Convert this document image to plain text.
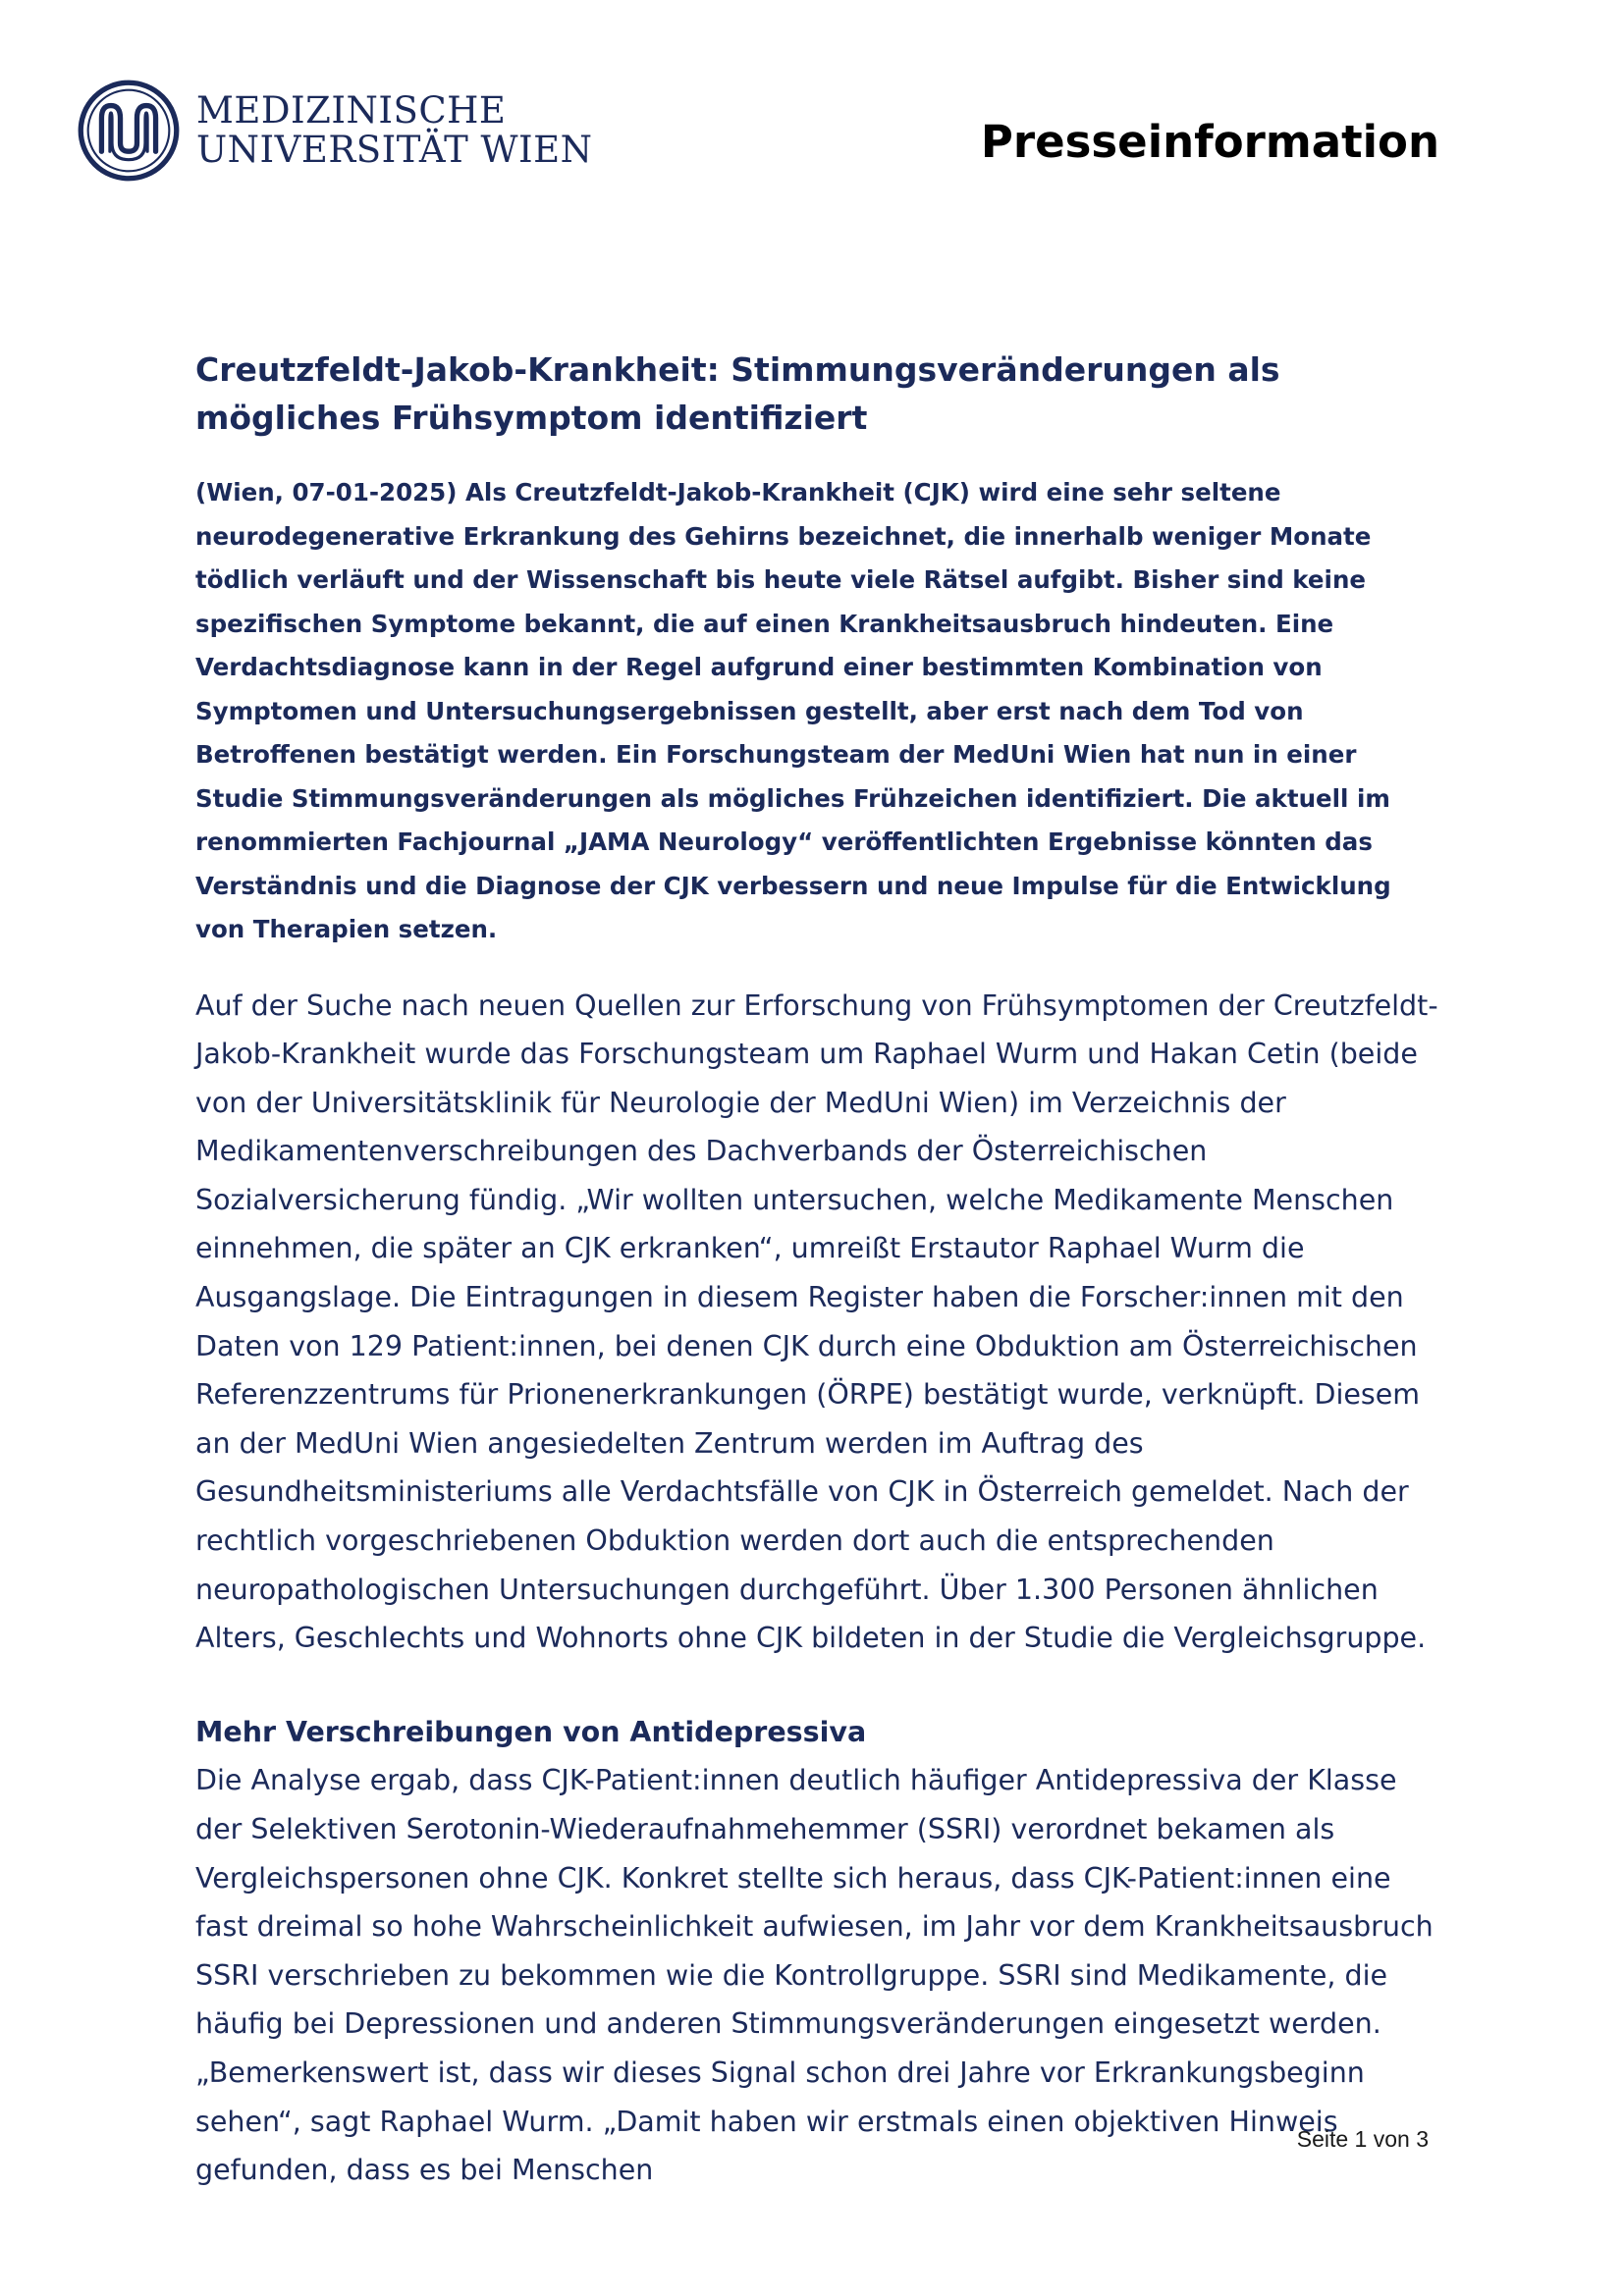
MEDIZINISCHE
UNIVERSITÄT WIEN	Presseinformation
Creutzfeldt-Jakob-Krankheit: Stimmungsveränderungen als mögliches Frühsymptom identifiziert

(Wien, 07-01-2025) Als Creutzfeldt-Jakob-Krankheit (CJK) wird eine sehr seltene neurodegenerative Erkrankung des Gehirns bezeichnet, die innerhalb weniger Monate tödlich verläuft und der Wissenschaft bis heute viele Rätsel aufgibt. Bisher sind keine spezifischen Symptome bekannt, die auf einen Krankheitsausbruch hindeuten. Eine Verdachtsdiagnose kann in der Regel aufgrund einer bestimmten Kombination von Symptomen und Untersuchungsergebnissen gestellt, aber erst nach dem Tod von Betroffenen bestätigt werden. Ein Forschungsteam der MedUni Wien hat nun in einer Studie Stimmungsveränderungen als mögliches Frühzeichen identifiziert. Die aktuell im renommierten Fachjournal „JAMA Neurology“ veröffentlichten Ergebnisse könnten das Verständnis und die Diagnose der CJK verbessern und neue Impulse für die Entwicklung von Therapien setzen.

Auf der Suche nach neuen Quellen zur Erforschung von Frühsymptomen der Creutzfeldt-Jakob-Krankheit wurde das Forschungsteam um Raphael Wurm und Hakan Cetin (beide von der Universitätsklinik für Neurologie der MedUni Wien) im Verzeichnis der Medikamentenverschreibungen des Dachverbands der Österreichischen Sozialversicherung fündig. „Wir wollten untersuchen, welche Medikamente Menschen einnehmen, die später an CJK erkranken“, umreißt Erstautor Raphael Wurm die Ausgangslage. Die Eintragungen in diesem Register haben die Forscher:innen mit den Daten von 129 Patient:innen, bei denen CJK durch eine Obduktion am Österreichischen Referenzzentrums für Prionenerkrankungen (ÖRPE) bestätigt wurde, verknüpft. Diesem an der MedUni Wien angesiedelten Zentrum werden im Auftrag des Gesundheitsministeriums alle Verdachtsfälle von CJK in Österreich gemeldet. Nach der rechtlich vorgeschriebenen Obduktion werden dort auch die entsprechenden neuropathologischen Untersuchungen durchgeführt. Über 1.300 Personen ähnlichen Alters, Geschlechts und Wohnorts ohne CJK bildeten in der Studie die Vergleichsgruppe.

Mehr Verschreibungen von Antidepressiva

Die Analyse ergab, dass CJK-Patient:innen deutlich häufiger Antidepressiva der Klasse der Selektiven Serotonin-Wiederaufnahmehemmer (SSRI) verordnet bekamen als Vergleichspersonen ohne CJK. Konkret stellte sich heraus, dass CJK-Patient:innen eine fast dreimal so hohe Wahrscheinlichkeit aufwiesen, im Jahr vor dem Krankheitsausbruch SSRI verschrieben zu bekommen wie die Kontrollgruppe. SSRI sind Medikamente, die häufig bei Depressionen und anderen Stimmungsveränderungen eingesetzt werden. „Bemerkenswert ist, dass wir dieses Signal schon drei Jahre vor Erkrankungsbeginn sehen“, sagt Raphael Wurm. „Damit haben wir erstmals einen objektiven Hinweis gefunden, dass es bei Menschen

Seite 1 von 3
